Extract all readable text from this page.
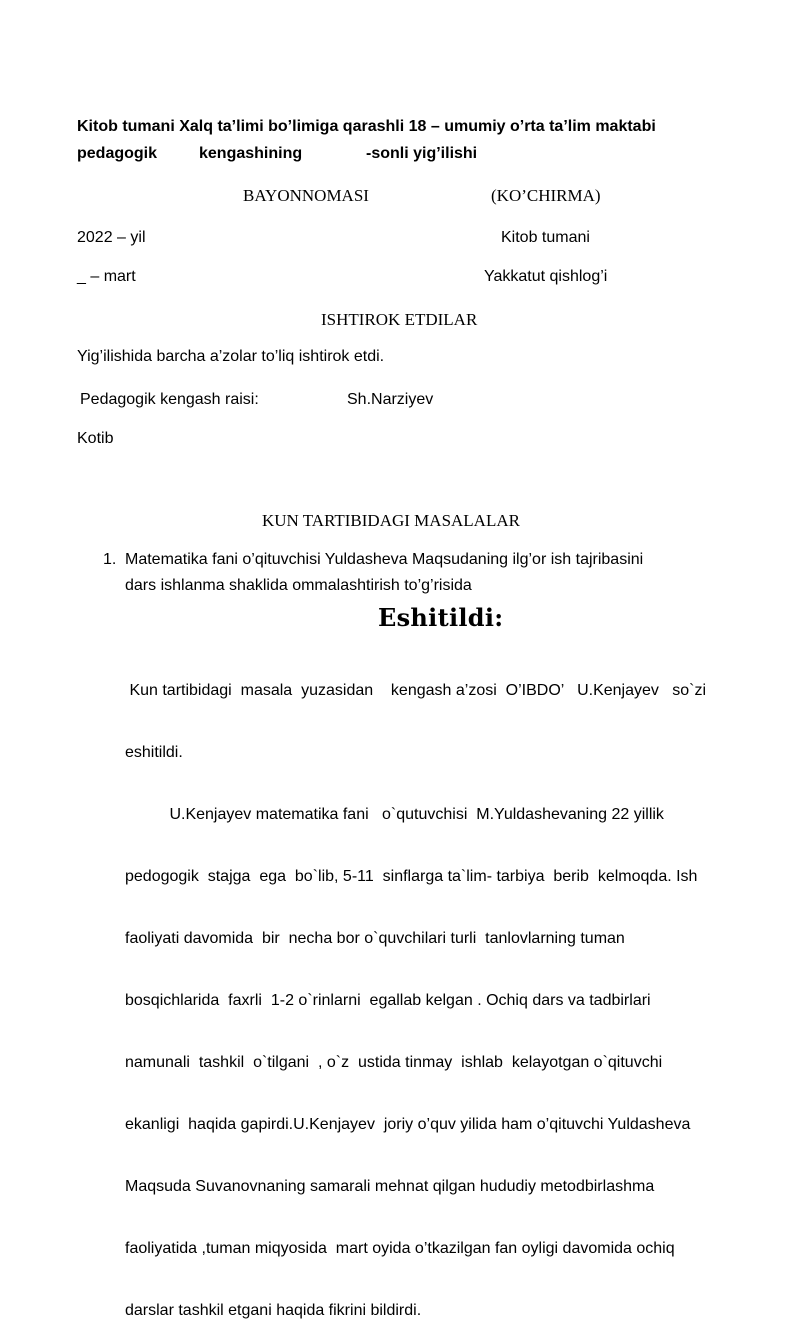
Kitob tumani Xalq ta’limi bo’limiga qarashli 18 – umumiy o’rta ta’lim maktabi
pedagogik	kengashining	-sonli yig’ilishi
BAYONNOMASI	(KO’CHIRMA)
2022 – yil	Kitob tumani
_ – mart	Yakkatut qishlog’i
ISHTIROK ETDILAR
Yig’ilishida barcha a’zolar to’liq ishtirok etdi.
Pedagogik kengash raisi:	Sh.Narziyev
Kotib
KUN TARTIBIDAGI MASALALAR
1. Matematika fani o’qituvchisi Yuldasheva Maqsudaning ilg’or ish tajribasini
dars ishlanma shaklida ommalashtirish to’g’risida
Eshitildi:

Kun tartibidagi  masala  yuzasidan    kengash a’zosi  O’IBDO’   U.Kenjayev   so`zi

eshitildi.

U.Kenjayev matematika fani   o`qutuvchisi  M.Yuldashevaning 22 yillik

pedogogik  stajga  ega  bo`lib, 5-11  sinflarga ta`lim- tarbiya  berib  kelmoqda. Ish

faoliyati davomida  bir  necha bor o`quvchilari turli  tanlovlarning tuman

bosqichlarida  faxrli  1-2 o`rinlarni  egallab kelgan . Ochiq dars va tadbirlari

namunali  tashkil  o`tilgani  , o`z  ustida tinmay  ishlab  kelayotgan o`qituvchi

ekanligi  haqida gapirdi.U.Kenjayev  joriy o’quv yilida ham o’qituvchi Yuldasheva

Maqsuda Suvanovnaning samarali mehnat qilgan hududiy metodbirlashma

faoliyatida ,tuman miqyosida  mart oyida o’tkazilgan fan oyligi davomida ochiq

darslar tashkil etgani haqida fikrini bildirdi.
